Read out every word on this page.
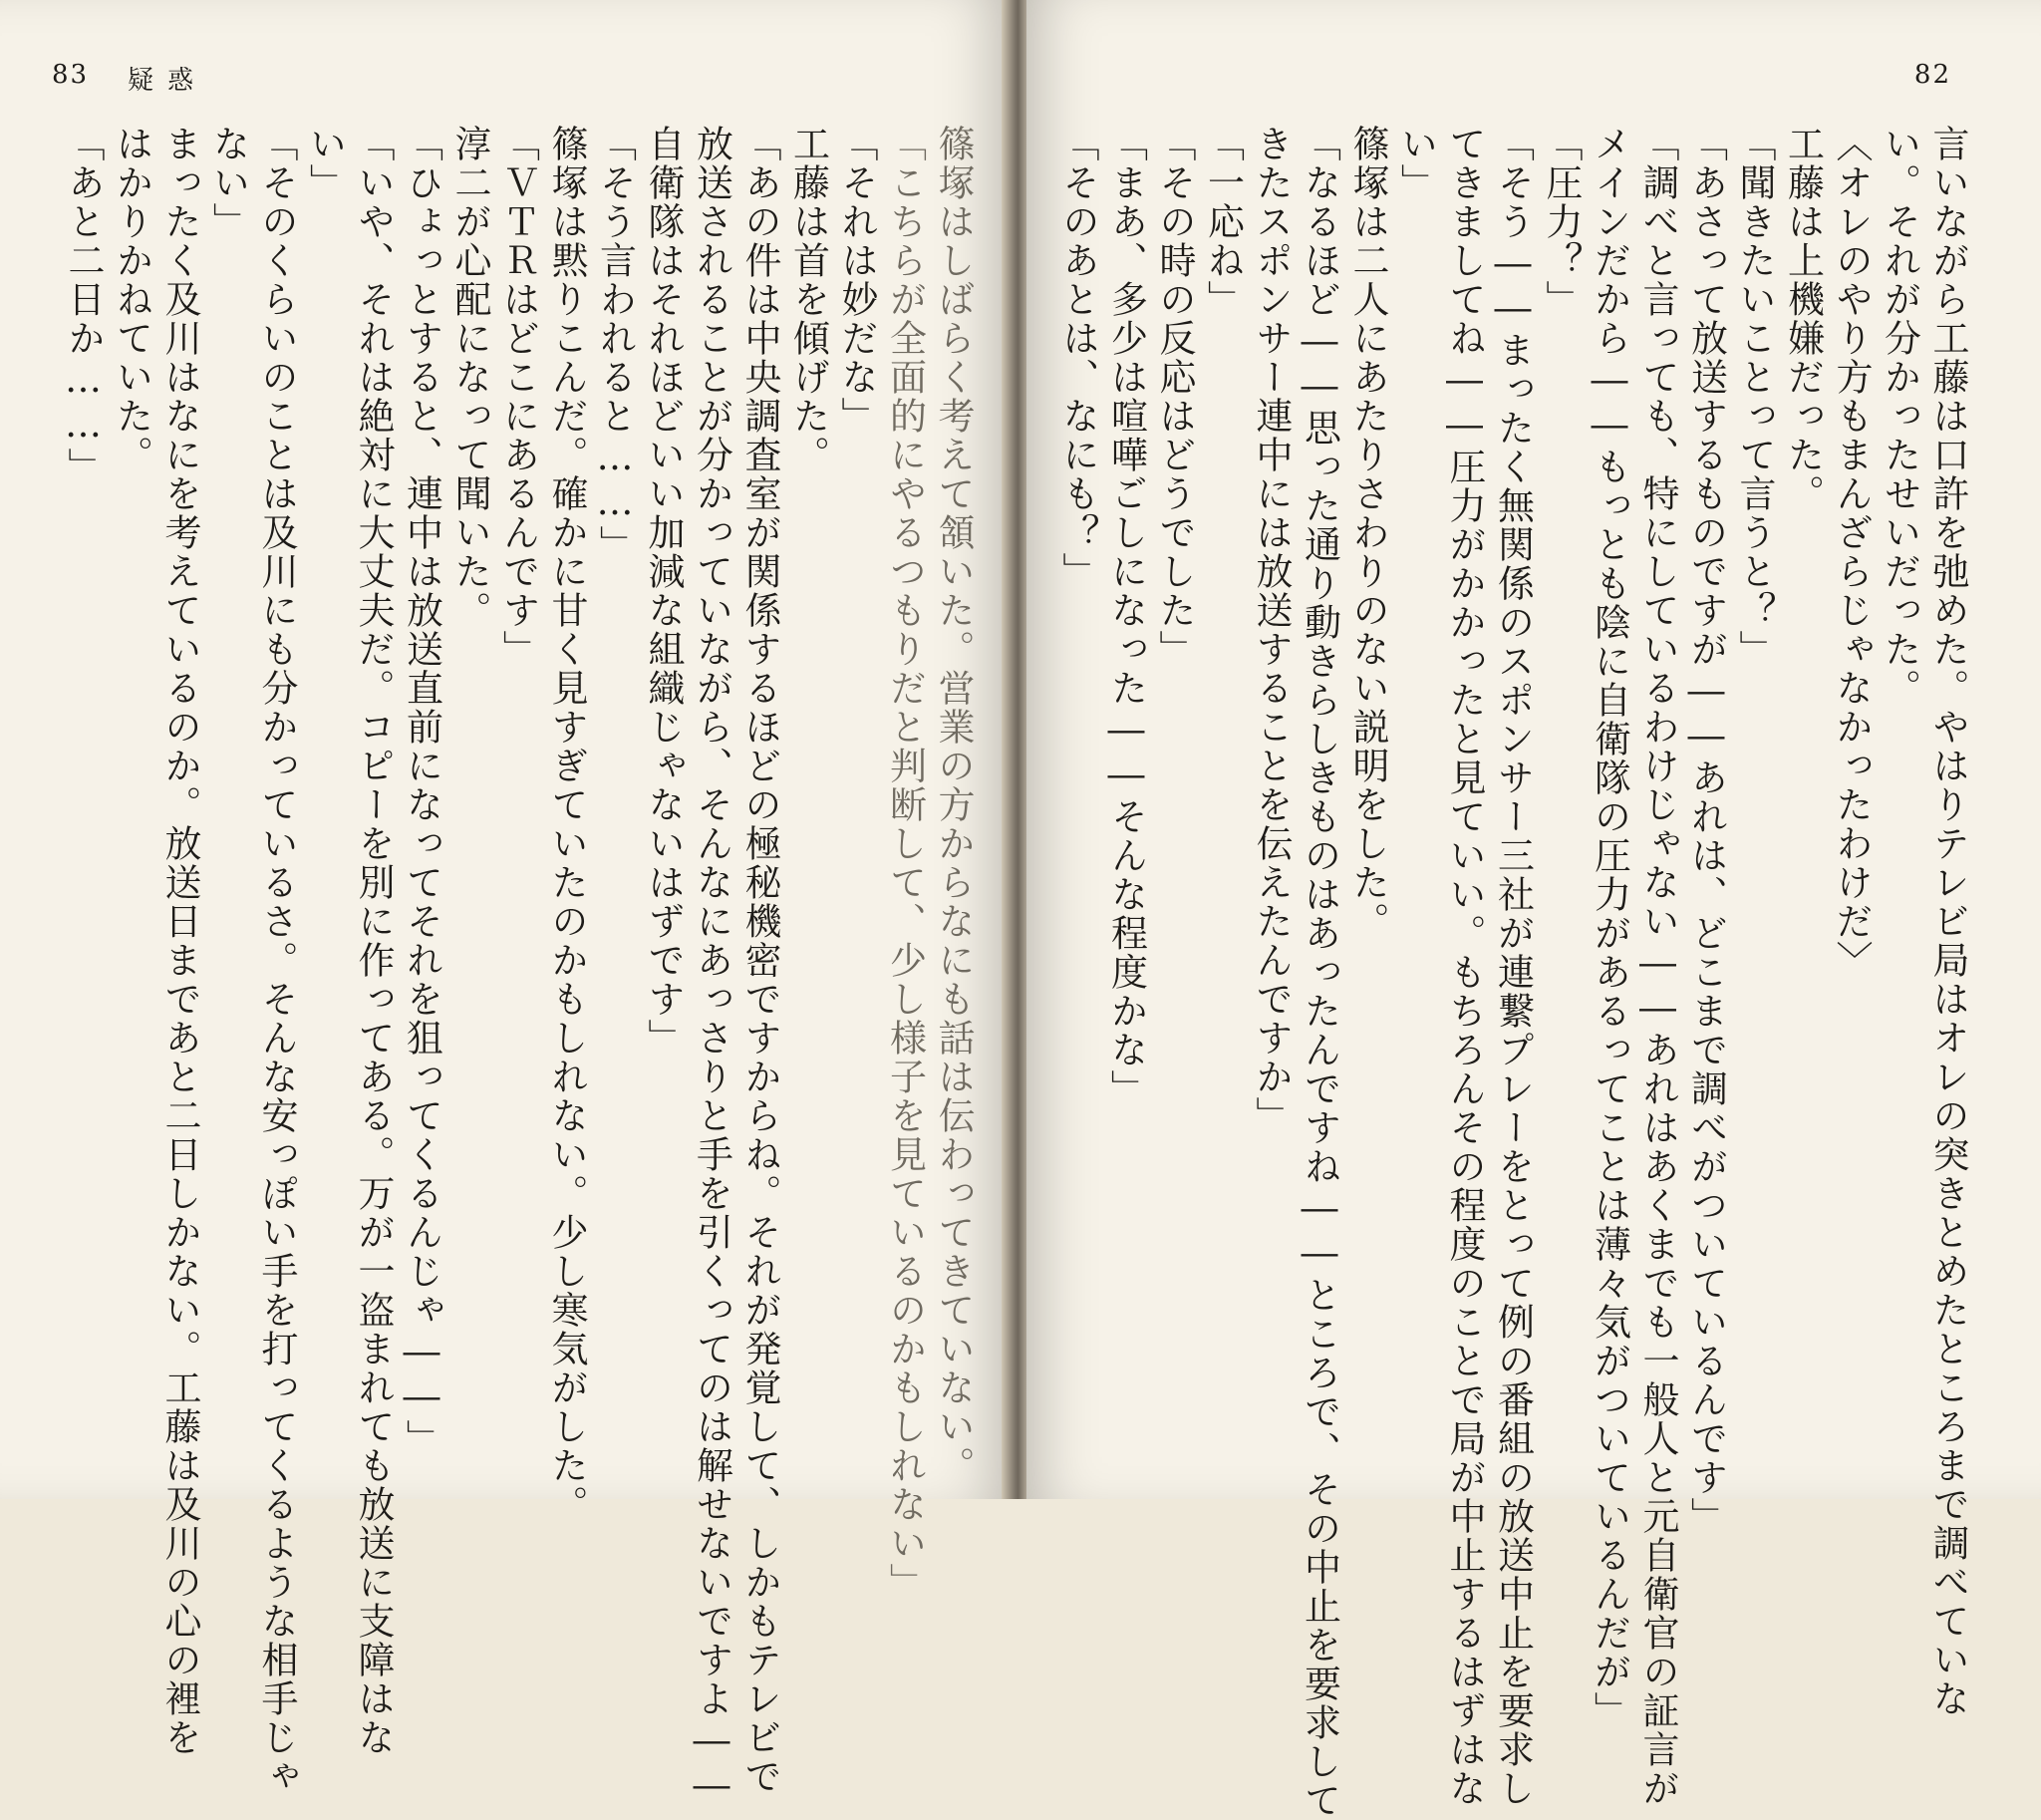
83 疑惑
篠塚はしばらく考えて頷いた。営業の方からなにも話は伝わってきていない。
「こちらが全面的にやるつもりだと判断して、少し様子を見ているのかもしれない」
「それは妙だな」
工藤は首を傾げた。
「あの件は中央調査室が関係するほどの極秘機密ですからね。それが発覚して、しかもテレビで
放送されることが分かっていながら、そんなにあっさりと手を引くってのは解せないですよ――
自衛隊はそれほどいい加減な組織じゃないはずです」
「そう言われると……」
篠塚は黙りこんだ。確かに甘く見すぎていたのかもしれない。少し寒気がした。
「ＶＴＲはどこにあるんです」
淳二が心配になって聞いた。
「ひょっとすると、連中は放送直前になってそれを狙ってくるんじゃ――」
「いや、それは絶対に大丈夫だ。コピーを別に作ってある。万が一盗まれても放送に支障はな
い」
「そのくらいのことは及川にも分かっているさ。そんな安っぽい手を打ってくるような相手じゃ
ない」
まったく及川はなにを考えているのか。放送日まであと二日しかない。工藤は及川の心の裡を
はかりかねていた。
「あと二日か……」
82
言いながら工藤は口許を弛めた。やはりテレビ局はオレの突きとめたところまで調べていな
い。それが分かったせいだった。
〈オレのやり方もまんざらじゃなかったわけだ〉
工藤は上機嫌だった。
「聞きたいことって言うと？」
「あさって放送するものですが――あれは、どこまで調べがついているんです」
「調べと言っても、特にしているわけじゃない――あれはあくまでも一般人と元自衛官の証言が
メインだから――もっとも陰に自衛隊の圧力があるってことは薄々気がついているんだが」
「圧力？」
「そう――まったく無関係のスポンサー三社が連繋プレーをとって例の番組の放送中止を要求し
てきましてね――圧力がかかったと見ていい。もちろんその程度のことで局が中止するはずはな
い」
篠塚は二人にあたりさわりのない説明をした。
「なるほど――思った通り動きらしきものはあったんですね――ところで、その中止を要求して
きたスポンサー連中には放送することを伝えたんですか」
「一応ね」
「その時の反応はどうでした」
「まあ、多少は喧嘩ごしになった――そんな程度かな」
「そのあとは、なにも？」
